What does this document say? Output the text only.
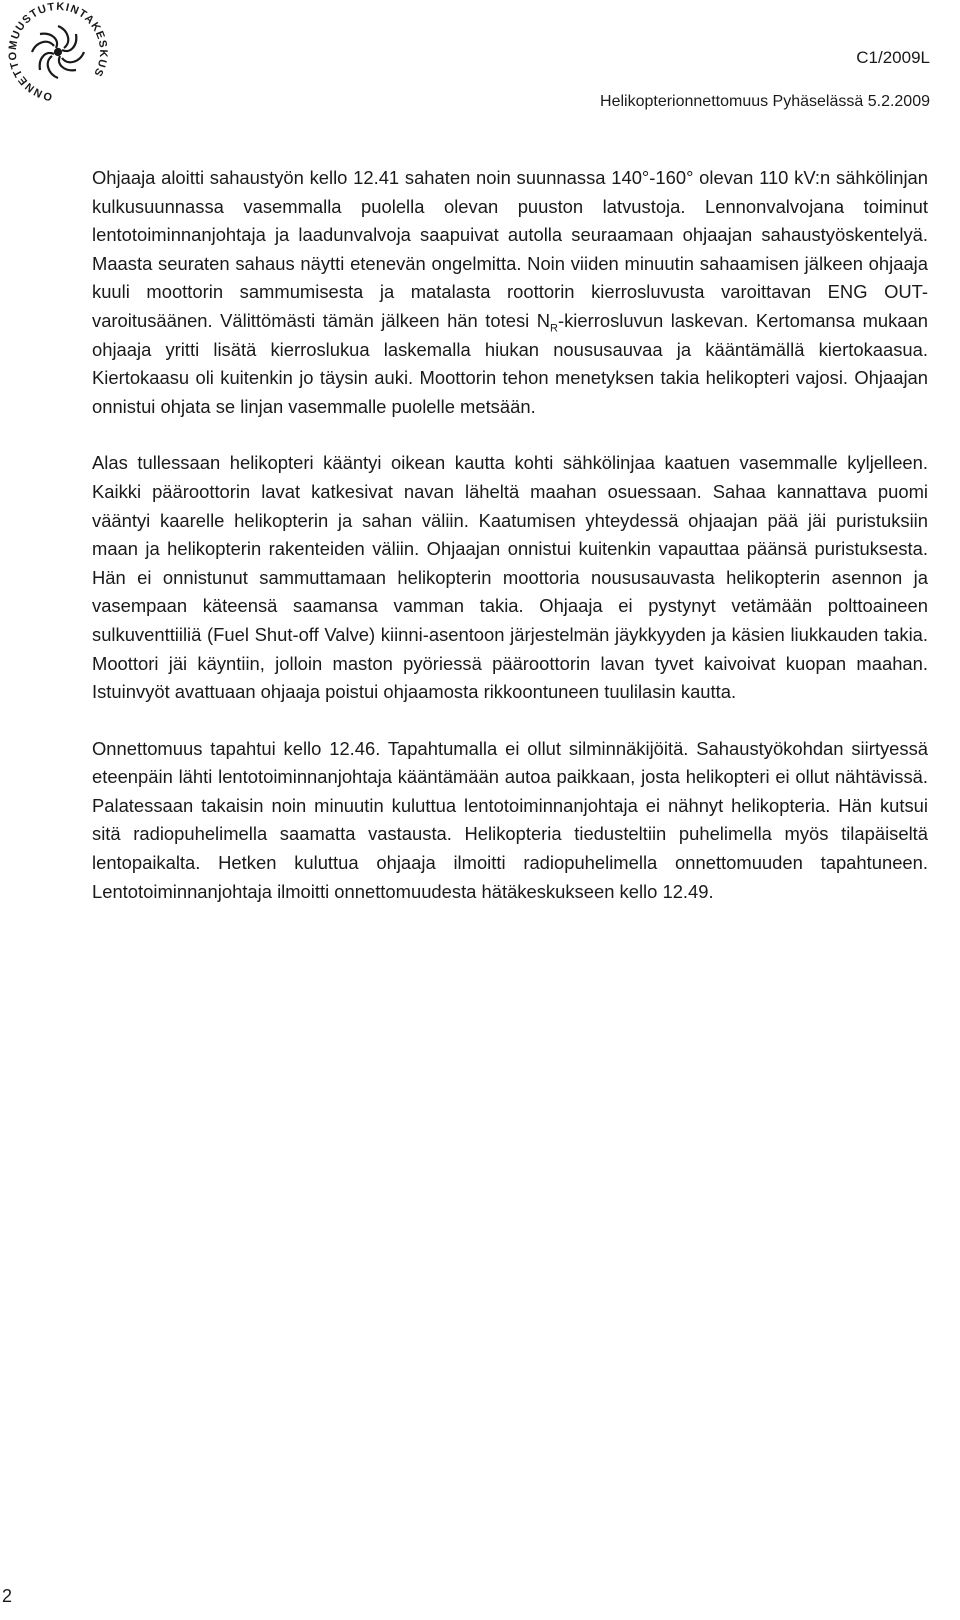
ONNETTOMUUSTUTKINTAKESKUS
C1/2009L
Helikopterionnettomuus Pyhäselässä 5.2.2009

Ohjaaja aloitti sahaustyön kello 12.41 sahaten noin suunnassa 140°-160° olevan 110 kV:n sähkölinjan kulkusuunnassa vasemmalla puolella olevan puuston latvustoja. Lennonvalvojana toiminut lentotoiminnanjohtaja ja laadunvalvoja saapuivat autolla seuraamaan ohjaajan sahaustyöskentelyä. Maasta seuraten sahaus näytti etenevän ongelmitta. Noin viiden minuutin sahaamisen jälkeen ohjaaja kuuli moottorin sammumisesta ja matalasta roottorin kierrosluvusta varoittavan ENG OUT-varoitusäänen. Välittömästi tämän jälkeen hän totesi $N_R$-kierrosluvun laskevan. Kertomansa mukaan ohjaaja yritti lisätä kierroslukua laskemalla hiukan noususauvaa ja kääntämällä kiertokaasua. Kiertokaasu oli kuitenkin jo täysin auki. Moottorin tehon menetyksen takia helikopteri vajosi. Ohjaajan onnistui ohjata se linjan vasemmalle puolelle metsään.

Alas tullessaan helikopteri kääntyi oikean kautta kohti sähkölinjaa kaatuen vasemmalle kyljelleen. Kaikki pääroottorin lavat katkesivat navan läheltä maahan osuessaan. Sahaa kannattava puomi vääntyi kaarelle helikopterin ja sahan väliin. Kaatumisen yhteydessä ohjaajan pää jäi puristuksiin maan ja helikopterin rakenteiden väliin. Ohjaajan onnistui kuitenkin vapauttaa päänsä puristuksesta. Hän ei onnistunut sammuttamaan helikopterin moottoria noususauvasta helikopterin asennon ja vasempaan käteensä saamansa vamman takia. Ohjaaja ei pystynyt vetämään polttoaineen sulkuventtiiliä (Fuel Shut-off Valve) kiinni-asentoon järjestelmän jäykkyyden ja käsien liukkauden takia. Moottori jäi käyntiin, jolloin maston pyöriessä pääroottorin lavan tyvet kaivoivat kuopan maahan. Istuinvyöt avattuaan ohjaaja poistui ohjaamosta rikkoontuneen tuulilasin kautta.

Onnettomuus tapahtui kello 12.46. Tapahtumalla ei ollut silminnäkijöitä. Sahaustyökohdan siirtyessä eteenpäin lähti lentotoiminnanjohtaja kääntämään autoa paikkaan, josta helikopteri ei ollut nähtävissä. Palatessaan takaisin noin minuutin kuluttua lentotoiminnanjohtaja ei nähnyt helikopteria. Hän kutsui sitä radiopuhelimella saamatta vastausta. Helikopteria tiedusteltiin puhelimella myös tilapäiseltä lentopaikalta. Hetken kuluttua ohjaaja ilmoitti radiopuhelimella onnettomuuden tapahtuneen. Lentotoiminnanjohtaja ilmoitti onnettomuudesta hätäkeskukseen kello 12.49.

2
